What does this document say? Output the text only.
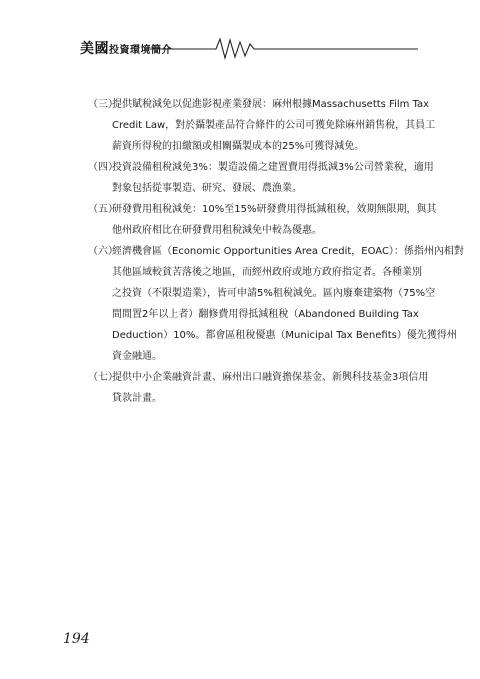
美國投資環境簡介
（三）
提供賦稅減免以促進影視產業發展：麻州根據Massachusetts Film Tax
Credit Law，對於攝製產品符合條件的公司可獲免除麻州銷售稅，其員工
薪資所得稅的扣繳額或相關攝製成本的25%可獲得減免。
（四）
投資設備租稅減免3%：製造設備之建置費用得抵減3%公司營業稅，適用
對象包括從事製造、研究、發展、農漁業。
（五）
研發費用租稅減免：10%至15%研發費用得抵減租稅，效期無限期，與其
他州政府相比在研發費用租稅減免中較為優惠。
（六）
經濟機會區（Economic Opportunities Area Credit，EOAC）：係指州內相對
其他區域較貧苦落後之地區，而經州政府或地方政府指定者。各種業別
之投資（不限製造業），皆可申請5%租稅減免。區內廢棄建築物（75%空
間閒置2年以上者）翻修費用得抵減租稅（Abandoned Building Tax
Deduction）10%。都會區租稅優惠（Municipal Tax Benefits）優先獲得州
資金融通。
（七）
提供中小企業融資計畫、麻州出口融資擔保基金、新興科技基金3項信用
貸款計畫。
194
